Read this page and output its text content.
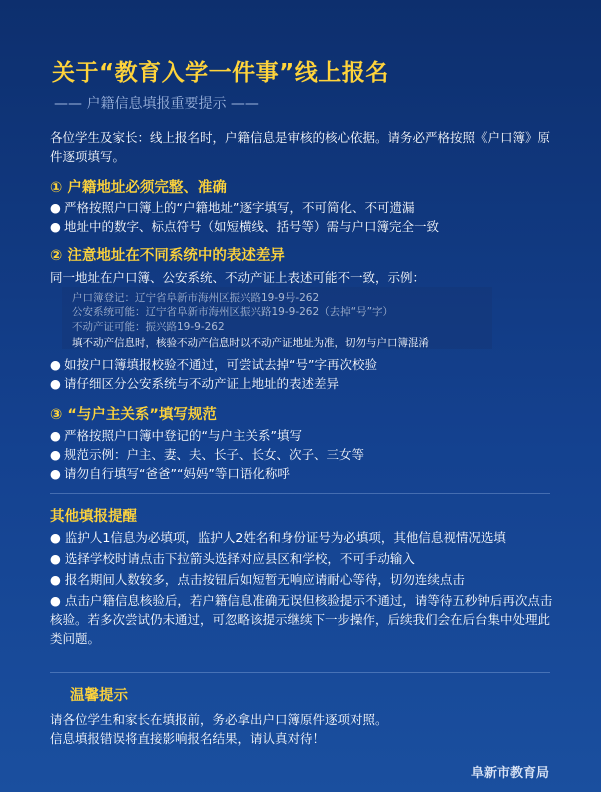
关于“教育入学一件事”线上报名
—— 户籍信息填报重要提示 ——
各位学生及家长：线上报名时，户籍信息是审核的核心依据。请务必严格按照《户口簿》原件逐项填写。
① 户籍地址必须完整、准确
● 严格按照户口簿上的“户籍地址”逐字填写，不可简化、不可遗漏
● 地址中的数字、标点符号（如短横线、括号等）需与户口簿完全一致
② 注意地址在不同系统中的表述差异
同一地址在户口簿、公安系统、不动产证上表述可能不一致，示例：
户口簿登记：辽宁省阜新市海州区振兴路19-9号-262
公安系统可能：辽宁省阜新市海州区振兴路19-9-262（去掉“号”字）
不动产证可能：振兴路19-9-262
填不动产信息时，核验不动产信息时以不动产证地址为准，切勿与户口簿混淆
● 如按户口簿填报校验不通过，可尝试去掉“号”字再次校验
● 请仔细区分公安系统与不动产证上地址的表述差异
③ “与户主关系”填写规范
● 严格按照户口簿中登记的“与户主关系”填写
● 规范示例：户主、妻、夫、长子、长女、次子、三女等
● 请勿自行填写“爸爸”“妈妈”等口语化称呼
其他填报提醒
● 监护人1信息为必填项，监护人2姓名和身份证号为必填项，其他信息视情况选填
● 选择学校时请点击下拉箭头选择对应县区和学校，不可手动输入
● 报名期间人数较多，点击按钮后如短暂无响应请耐心等待，切勿连续点击
● 点击户籍信息核验后，若户籍信息准确无误但核验提示不通过，请等待五秒钟后再次点击核验。若多次尝试仍未通过，可忽略该提示继续下一步操作，后续我们会在后台集中处理此类问题。
温馨提示
请各位学生和家长在填报前，务必拿出户口簿原件逐项对照。
信息填报错误将直接影响报名结果，请认真对待！
阜新市教育局
